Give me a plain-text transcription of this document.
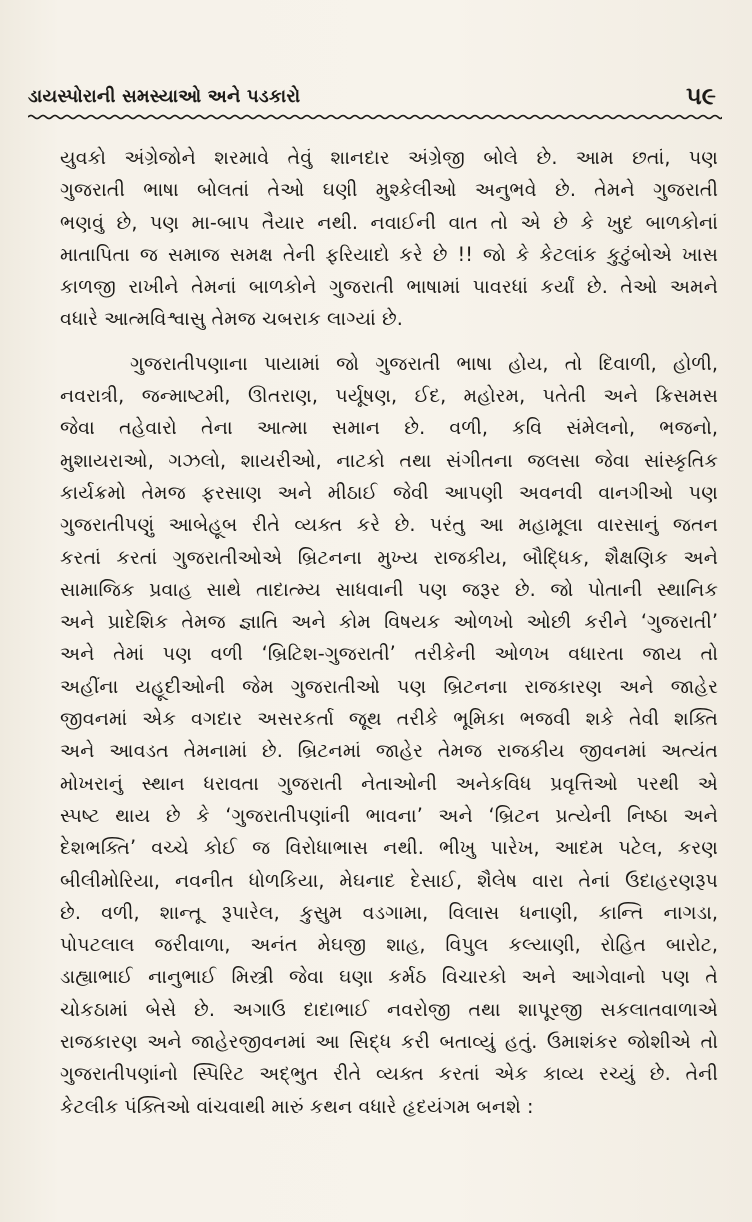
ડાયસ્પોરાની સમસ્યાઓ અને પડકારો	૫૯

યુવકો અંગ્રેજોને શરમાવે તેવું શાનદાર અંગ્રેજી બોલે છે. આમ છતાં, પણ

ગુજરાતી ભાષા બોલતાં તેઓ ઘણી મુશ્કેલીઓ અનુભવે છે. તેમને ગુજરાતી

ભણવું છે, પણ મા-બાપ તૈયાર નથી. નવાઈની વાત તો એ છે કે ખુદ બાળકોનાં

માતાપિતા જ સમાજ સમક્ષ તેની ફરિયાદો કરે છે !! જો કે કેટલાંક કુટુંબોએ ખાસ

કાળજી રાખીને તેમનાં બાળકોને ગુજરાતી ભાષામાં પાવરધાં કર્યાં છે. તેઓ અમને

વધારે આત્મવિશ્વાસુ તેમજ ચબરાક લાગ્યાં છે.

ગુજરાતીપણાના પાયામાં જો ગુજરાતી ભાષા હોય, તો દિવાળી, હોળી,

નવરાત્રી, જન્માષ્ટમી, ઊતરાણ, પર્યૂષણ, ઈદ, મહોરમ, પતેતી અને ક્રિસમસ

જેવા તહેવારો તેના આત્મા સમાન છે. વળી, કવિ સંમેલનો, ભજનો,

મુશાયરાઓ, ગઝલો, શાયરીઓ, નાટકો તથા સંગીતના જલસા જેવા સાંસ્કૃતિક

કાર્યક્રમો તેમજ ફરસાણ અને મીઠાઈ જેવી આપણી અવનવી વાનગીઓ પણ

ગુજરાતીપણું આબેહૂબ રીતે વ્યક્ત કરે છે. પરંતુ આ મહામૂલા વારસાનું જતન

કરતાં કરતાં ગુજરાતીઓએ બ્રિટનના મુખ્ય રાજકીય, બૌદ્ધિક, શૈક્ષણિક અને

સામાજિક પ્રવાહ સાથે તાદાત્મ્ય સાધવાની પણ જરૂર છે. જો પોતાની સ્થાનિક

અને પ્રાદેશિક તેમજ જ્ઞાતિ અને કોમ વિષયક ઓળખો ઓછી કરીને ‘ગુજરાતી’

અને તેમાં પણ વળી ‘બ્રિટિશ-ગુજરાતી’ તરીકેની ઓળખ વધારતા જાય તો

અહીંના યહૂદીઓની જેમ ગુજરાતીઓ પણ બ્રિટનના રાજકારણ અને જાહેર

જીવનમાં એક વગદાર અસરકર્તા જૂથ તરીકે ભૂમિકા ભજવી શકે તેવી શક્તિ

અને આવડત તેમનામાં છે. બ્રિટનમાં જાહેર તેમજ રાજકીય જીવનમાં અત્યંત

મોખરાનું સ્થાન ધરાવતા ગુજરાતી નેતાઓની અનેકવિધ પ્રવૃત્તિઓ પરથી એ

સ્પષ્ટ થાય છે કે ‘ગુજરાતીપણાંની ભાવના’ અને ‘બ્રિટન પ્રત્યેની નિષ્ઠા અને

દેશભક્તિ’ વચ્ચે કોઈ જ વિરોધાભાસ નથી. ભીખુ પારેખ, આદમ પટેલ, કરણ

બીલીમોરિયા, નવનીત ધોળકિયા, મેઘનાદ દેસાઈ, શૈલેષ વારા તેનાં ઉદાહરણરૂપ

છે. વળી, શાન્તૂ રૂપારેલ, કુસુમ વડગામા, વિલાસ ધનાણી, કાન્તિ નાગડા,

પોપટલાલ જરીવાળા, અનંત મેઘજી શાહ, વિપુલ કલ્યાણી, રોહિત બારોટ,

ડાહ્યાભાઈ નાનુભાઈ મિસ્ત્રી જેવા ઘણા કર્મઠ વિચારકો અને આગેવાનો પણ તે

ચોકઠામાં બેસે છે. અગાઉ દાદાભાઈ નવરોજી તથા શાપૂરજી સકલાતવાળાએ

રાજકારણ અને જાહેરજીવનમાં આ સિદ્ધ કરી બતાવ્યું હતું. ઉમાશંકર જોશીએ તો

ગુજરાતીપણાંનો સ્પિરિટ અદ્ભુત રીતે વ્યક્ત કરતાં એક કાવ્ય રચ્યું છે. તેની

કેટલીક પંક્તિઓ વાંચવાથી મારું કથન વધારે હૃદયંગમ બનશે :
